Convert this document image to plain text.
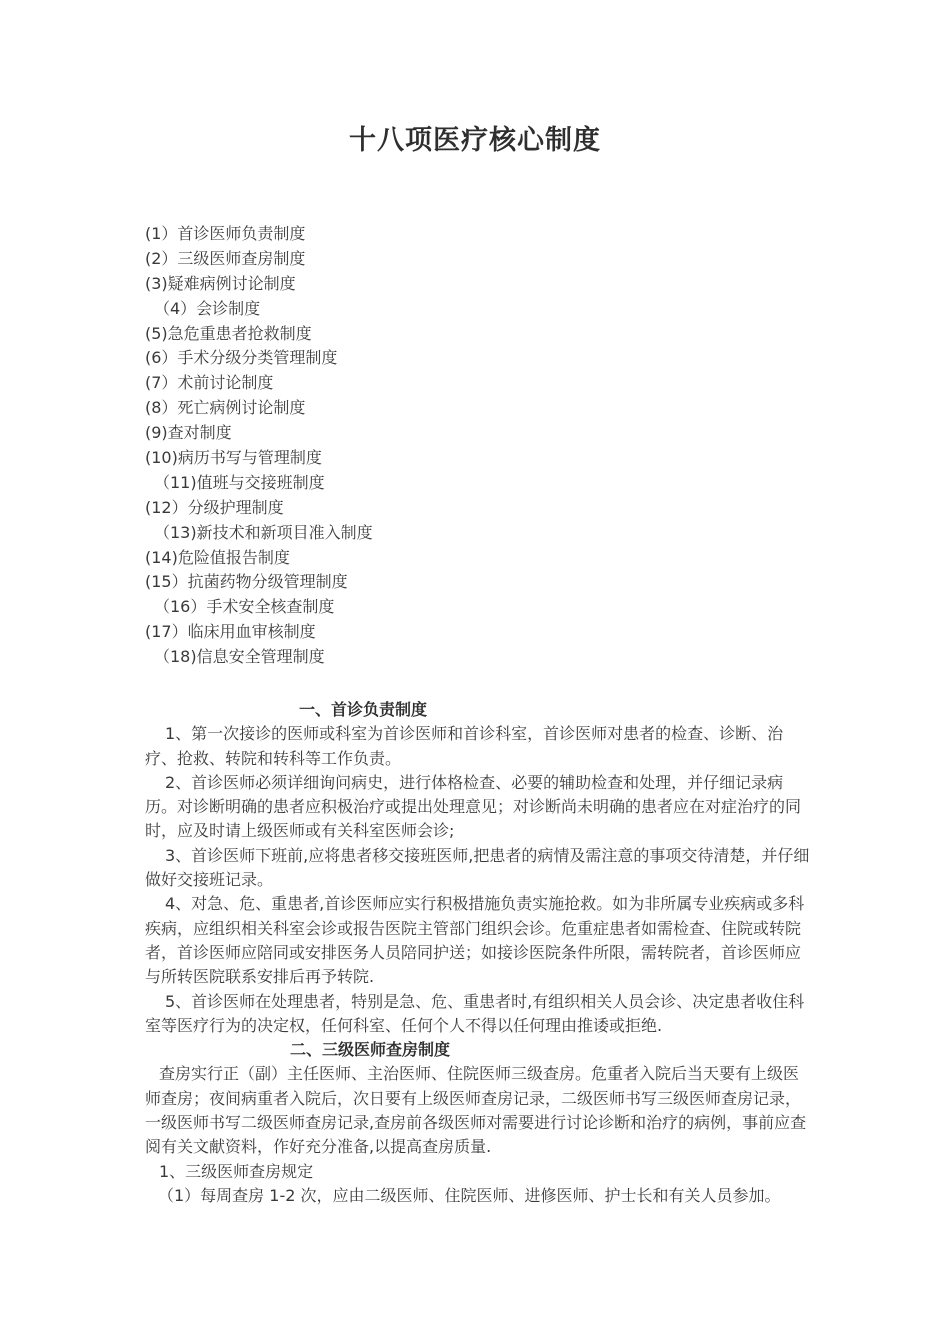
十八项医疗核心制度
(1）首诊医师负责制度
(2）三级医师查房制度
(3)疑难病例讨论制度
（4）会诊制度
(5)急危重患者抢救制度
(6）手术分级分类管理制度
(7）术前讨论制度
(8）死亡病例讨论制度
(9)查对制度
(10)病历书写与管理制度
（11)值班与交接班制度
(12）分级护理制度
（13)新技术和新项目准入制度
(14)危险值报告制度
(15）抗菌药物分级管理制度
（16）手术安全核查制度
(17）临床用血审核制度
（18)信息安全管理制度
一、首诊负责制度

1、第一次接诊的医师或科室为首诊医师和首诊科室，首诊医师对患者的检查、诊断、治疗、抢救、转院和转科等工作负责。

2、首诊医师必须详细询问病史，进行体格检查、必要的辅助检查和处理，并仔细记录病历。对诊断明确的患者应积极治疗或提出处理意见；对诊断尚未明确的患者应在对症治疗的同时，应及时请上级医师或有关科室医师会诊;

3、首诊医师下班前,应将患者移交接班医师,把患者的病情及需注意的事项交待清楚，并仔细做好交接班记录。

4、对急、危、重患者,首诊医师应实行积极措施负责实施抢救。如为非所属专业疾病或多科疾病，应组织相关科室会诊或报告医院主管部门组织会诊。危重症患者如需检查、住院或转院者，首诊医师应陪同或安排医务人员陪同护送；如接诊医院条件所限，需转院者，首诊医师应与所转医院联系安排后再予转院.

5、首诊医师在处理患者，特别是急、危、重患者时,有组织相关人员会诊、决定患者收住科室等医疗行为的决定权，任何科室、任何个人不得以任何理由推诿或拒绝.

二、三级医师查房制度

查房实行正（副）主任医师、主治医师、住院医师三级查房。危重者入院后当天要有上级医师查房；夜间病重者入院后，次日要有上级医师查房记录，二级医师书写三级医师查房记录，一级医师书写二级医师查房记录,查房前各级医师对需要进行讨论诊断和治疗的病例，事前应查阅有关文献资料，作好充分准备,以提高查房质量.

1、三级医师查房规定

（1）每周查房 1-2 次，应由二级医师、住院医师、进修医师、护士长和有关人员参加。
